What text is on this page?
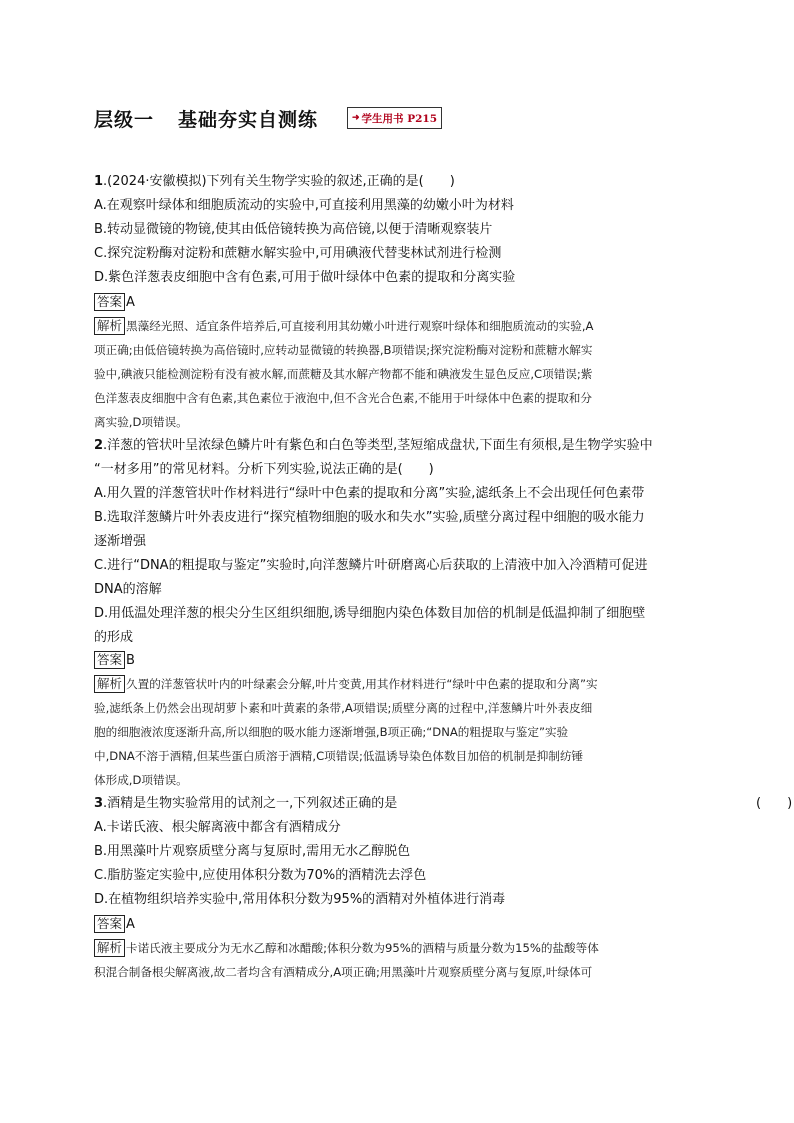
层级一 基础夯实自测练	➜ 学生用书 P215
1.(2024·安徽模拟)下列有关生物学实验的叙述,正确的是(　　)
A.在观察叶绿体和细胞质流动的实验中,可直接利用黑藻的幼嫩小叶为材料
B.转动显微镜的物镜,使其由低倍镜转换为高倍镜,以便于清晰观察装片
C.探究淀粉酶对淀粉和蔗糖水解实验中,可用碘液代替斐林试剂进行检测
D.紫色洋葱表皮细胞中含有色素,可用于做叶绿体中色素的提取和分离实验
答案 A
解析 黑藻经光照、适宜条件培养后,可直接利用其幼嫩小叶进行观察叶绿体和细胞质流动的实验,A
项正确;由低倍镜转换为高倍镜时,应转动显微镜的转换器,B项错误;探究淀粉酶对淀粉和蔗糖水解实
验中,碘液只能检测淀粉有没有被水解,而蔗糖及其水解产物都不能和碘液发生显色反应,C项错误;紫
色洋葱表皮细胞中含有色素,其色素位于液泡中,但不含光合色素,不能用于叶绿体中色素的提取和分
离实验,D项错误。
2.洋葱的管状叶呈浓绿色鳞片叶有紫色和白色等类型,茎短缩成盘状,下面生有须根,是生物学实验中
“一材多用”的常见材料。分析下列实验,说法正确的是(　　)
A.用久置的洋葱管状叶作材料进行“绿叶中色素的提取和分离”实验,滤纸条上不会出现任何色素带
B.选取洋葱鳞片叶外表皮进行“探究植物细胞的吸水和失水”实验,质壁分离过程中细胞的吸水能力
逐渐增强
C.进行“DNA的粗提取与鉴定”实验时,向洋葱鳞片叶研磨离心后获取的上清液中加入冷酒精可促进
DNA的溶解
D.用低温处理洋葱的根尖分生区组织细胞,诱导细胞内染色体数目加倍的机制是低温抑制了细胞壁
的形成
答案 B
解析 久置的洋葱管状叶内的叶绿素会分解,叶片变黄,用其作材料进行“绿叶中色素的提取和分离”实
验,滤纸条上仍然会出现胡萝卜素和叶黄素的条带,A项错误;质壁分离的过程中,洋葱鳞片叶外表皮细
胞的细胞液浓度逐渐升高,所以细胞的吸水能力逐渐增强,B项正确;“DNA的粗提取与鉴定”实验
中,DNA不溶于酒精,但某些蛋白质溶于酒精,C项错误;低温诱导染色体数目加倍的机制是抑制纺锤
体形成,D项错误。
3.酒精是生物实验常用的试剂之一,下列叙述正确的是	(　　)
A.卡诺氏液、根尖解离液中都含有酒精成分
B.用黑藻叶片观察质壁分离与复原时,需用无水乙醇脱色
C.脂肪鉴定实验中,应使用体积分数为70%的酒精洗去浮色
D.在植物组织培养实验中,常用体积分数为95%的酒精对外植体进行消毒
答案 A
解析 卡诺氏液主要成分为无水乙醇和冰醋酸;体积分数为95%的酒精与质量分数为15%的盐酸等体
积混合制备根尖解离液,故二者均含有酒精成分,A项正确;用黑藻叶片观察质壁分离与复原,叶绿体可
